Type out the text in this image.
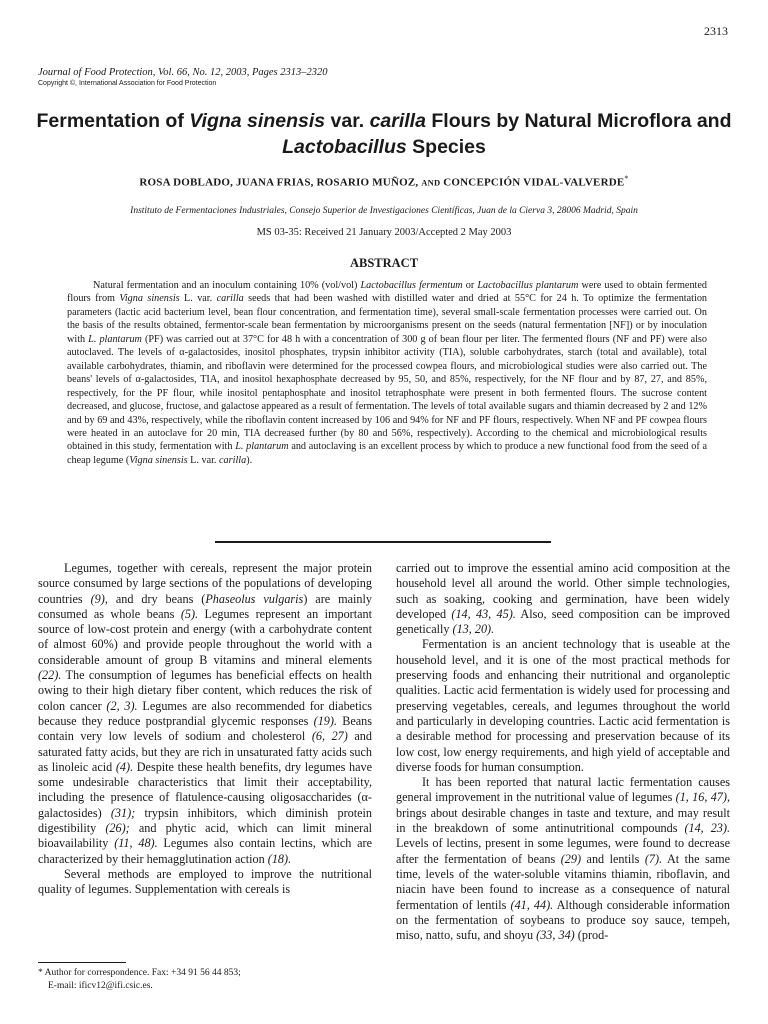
2313
Journal of Food Protection, Vol. 66, No. 12, 2003, Pages 2313–2320
Copyright ©, International Association for Food Protection
Fermentation of Vigna sinensis var. carilla Flours by Natural Microflora and Lactobacillus Species
ROSA DOBLADO, JUANA FRIAS, ROSARIO MUÑOZ, AND CONCEPCIÓN VIDAL-VALVERDE*
Instituto de Fermentaciones Industriales, Consejo Superior de Investigaciones Científicas, Juan de la Cierva 3, 28006 Madrid, Spain
MS 03-35: Received 21 January 2003/Accepted 2 May 2003
ABSTRACT

Natural fermentation and an inoculum containing 10% (vol/vol) Lactobacillus fermentum or Lactobacillus plantarum were used to obtain fermented flours from Vigna sinensis L. var. carilla seeds that had been washed with distilled water and dried at 55°C for 24 h. To optimize the fermentation parameters (lactic acid bacterium level, bean flour concentration, and fermentation time), several small-scale fermentation processes were carried out. On the basis of the results obtained, fermentor-scale bean fermentation by microorganisms present on the seeds (natural fermentation [NF]) or by inoculation with L. plantarum (PF) was carried out at 37°C for 48 h with a concentration of 300 g of bean flour per liter. The fermented flours (NF and PF) were also autoclaved. The levels of α-galactosides, inositol phosphates, trypsin inhibitor activity (TIA), soluble carbohydrates, starch (total and available), total available carbohydrates, thiamin, and riboflavin were determined for the processed cowpea flours, and microbiological studies were also carried out. The beans' levels of α-galactosides, TIA, and inositol hexaphosphate decreased by 95, 50, and 85%, respectively, for the NF flour and by 87, 27, and 85%, respectively, for the PF flour, while inositol pentaphosphate and inositol tetraphosphate were present in both fermented flours. The sucrose content decreased, and glucose, fructose, and galactose appeared as a result of fermentation. The levels of total available sugars and thiamin decreased by 2 and 12% and by 69 and 43%, respectively, while the riboflavin content increased by 106 and 94% for NF and PF flours, respectively. When NF and PF cowpea flours were heated in an autoclave for 20 min, TIA decreased further (by 80 and 56%, respectively). According to the chemical and microbiological results obtained in this study, fermentation with L. plantarum and autoclaving is an excellent process by which to produce a new functional food from the seed of a cheap legume (Vigna sinensis L. var. carilla).

Legumes, together with cereals, represent the major protein source consumed by large sections of the populations of developing countries (9), and dry beans (Phaseolus vulgaris) are mainly consumed as whole beans (5). Legumes represent an important source of low-cost protein and energy (with a carbohydrate content of almost 60%) and provide people throughout the world with a considerable amount of group B vitamins and mineral elements (22). The consumption of legumes has beneficial effects on health owing to their high dietary fiber content, which reduces the risk of colon cancer (2, 3). Legumes are also recommended for diabetics because they reduce postprandial glycemic responses (19). Beans contain very low levels of sodium and cholesterol (6, 27) and saturated fatty acids, but they are rich in unsaturated fatty acids such as linoleic acid (4). Despite these health benefits, dry legumes have some undesirable characteristics that limit their acceptability, including the presence of flatulence-causing oligosaccharides (α-galactosides) (31); trypsin inhibitors, which diminish protein digestibility (26); and phytic acid, which can limit mineral bioavailability (11, 48). Legumes also contain lectins, which are characterized by their hemagglutination action (18).

Several methods are employed to improve the nutritional quality of legumes. Supplementation with cereals is

carried out to improve the essential amino acid composition at the household level all around the world. Other simple technologies, such as soaking, cooking and germination, have been widely developed (14, 43, 45). Also, seed composition can be improved genetically (13, 20).

Fermentation is an ancient technology that is useable at the household level, and it is one of the most practical methods for preserving foods and enhancing their nutritional and organoleptic qualities. Lactic acid fermentation is widely used for processing and preserving vegetables, cereals, and legumes throughout the world and particularly in developing countries. Lactic acid fermentation is a desirable method for processing and preservation because of its low cost, low energy requirements, and high yield of acceptable and diverse foods for human consumption.

It has been reported that natural lactic fermentation causes general improvement in the nutritional value of legumes (1, 16, 47), brings about desirable changes in taste and texture, and may result in the breakdown of some antinutritional compounds (14, 23). Levels of lectins, present in some legumes, were found to decrease after the fermentation of beans (29) and lentils (7). At the same time, levels of the water-soluble vitamins thiamin, riboflavin, and niacin have been found to increase as a consequence of natural fermentation of lentils (41, 44). Although considerable information on the fermentation of soybeans to produce soy sauce, tempeh, miso, natto, sufu, and shoyu (33, 34) (prod-

* Author for correspondence. Fax: +34 91 56 44 853;
E-mail: ificv12@ifi.csic.es.
